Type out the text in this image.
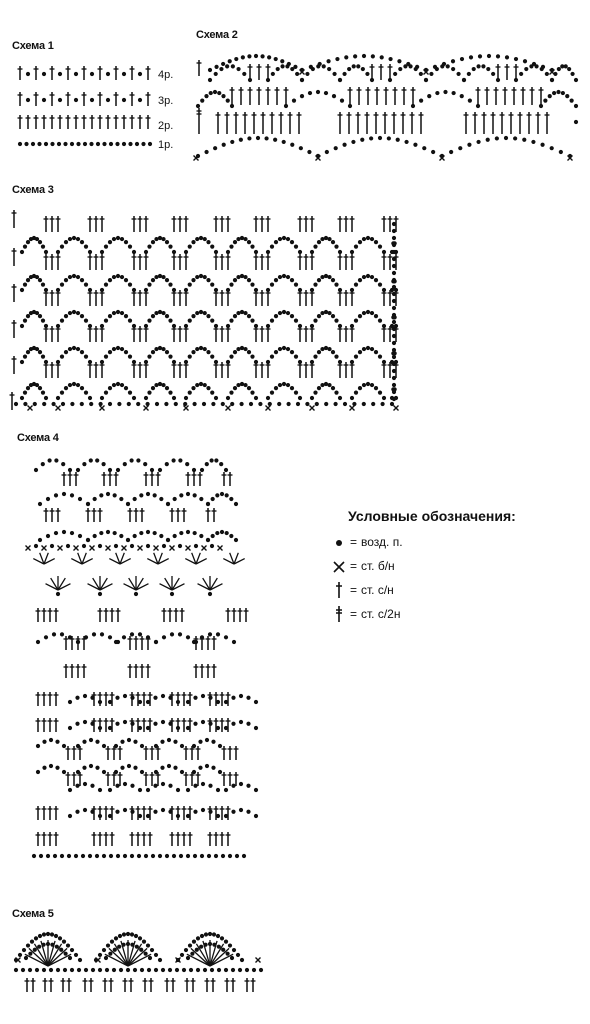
Схема 1
Схема 2
Схема 3
Схема 4
Схема 5
4р.
3р.
2р.
1р.
Условные обозначения:
= возд. п.
= ст. б/н
= ст. с/н
= ст. с/2н
